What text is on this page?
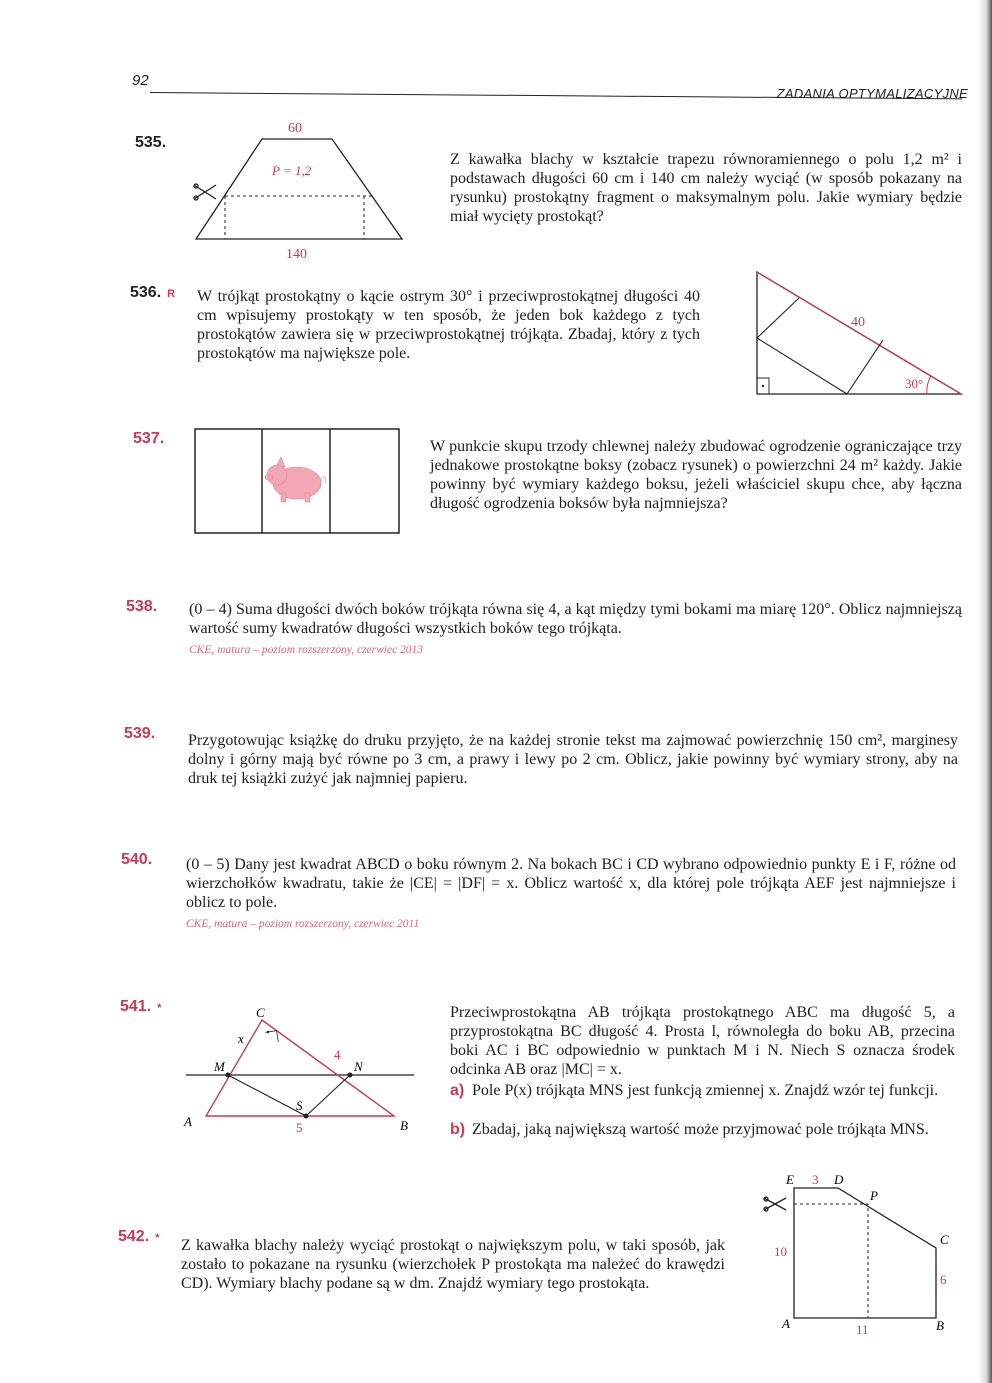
92
ZADANIA OPTYMALIZACYJNE
535.
60
P = 1,2
140
Z kawałka blachy w kształcie trapezu równoramiennego o polu 1,2 m² i podstawach długości 60 cm i 140 cm należy wyciąć (w sposób pokazany na rysunku) prostokątny fragment o maksymalnym polu. Jakie wymiary będzie miał wycięty prostokąt?
536. R W trójkąt prostokątny o kącie ostrym 30° i przeciwprostokątnej długości 40 cm wpisujemy prostokąty w ten sposób, że jeden bok każdego z tych prostokątów zawiera się w przeciwprostokątnej trójkąta. Zbadaj, który z tych prostokątów ma największe pole.
40
30°
537.	W punkcie skupu trzody chlewnej należy zbudować ogrodzenie ograniczające trzy jednakowe prostokątne boksy (zobacz rysunek) o powierzchni 24 m² każdy. Jakie powinny być wymiary każdego boksu, jeżeli właściciel skupu chce, aby łączna długość ogrodzenia boksów była najmniejsza?
538. (0 – 4) Suma długości dwóch boków trójkąta równa się 4, a kąt między tymi bokami ma miarę 120°. Oblicz najmniejszą wartość sumy kwadratów długości wszystkich boków tego trójkąta.

CKE, matura – poziom rozszerzony, czerwiec 2013
539. Przygotowując książkę do druku przyjęto, że na każdej stronie tekst ma zajmować powierzchnię 150 cm², marginesy dolny i górny mają być równe po 3 cm, a prawy i lewy po 2 cm. Oblicz, jakie powinny być wymiary strony, aby na druk tej książki zużyć jak najmniej papieru.
540. (0 – 5) Dany jest kwadrat ABCD o boku równym 2. Na bokach BC i CD wybrano odpowiednio punkty E i F, różne od wierzchołków kwadratu, takie że |CE| = |DF| = x. Oblicz wartość x, dla której pole trójkąta AEF jest najmniejsze i oblicz to pole.

CKE, matura – poziom rozszerzony, czerwiec 2011
541. *	C
M	N
A	B
S
x
4
5
Przeciwprostokątna AB trójkąta prostokątnego ABC ma długość 5, a przyprostokątna BC długość 4. Prosta l, równoległa do boku AB, przecina boki AC i BC odpowiednio w punktach M i N. Niech S oznacza środek odcinka AB oraz |MC| = x.
a) Pole P(x) trójkąta MNS jest funkcją zmiennej x. Znajdź wzór tej funkcji.
b) Zbadaj, jaką największą wartość może przyjmować pole trójkąta MNS.
542. * Z kawałka blachy należy wyciąć prostokąt o największym polu, w taki sposób, jak zostało to pokazane na rysunku (wierzchołek P prostokąta ma należeć do krawędzi CD). Wymiary blachy podane są w dm. Znajdź wymiary tego prostokąta.
E 3 D
P
C
10
6
A	11	B
